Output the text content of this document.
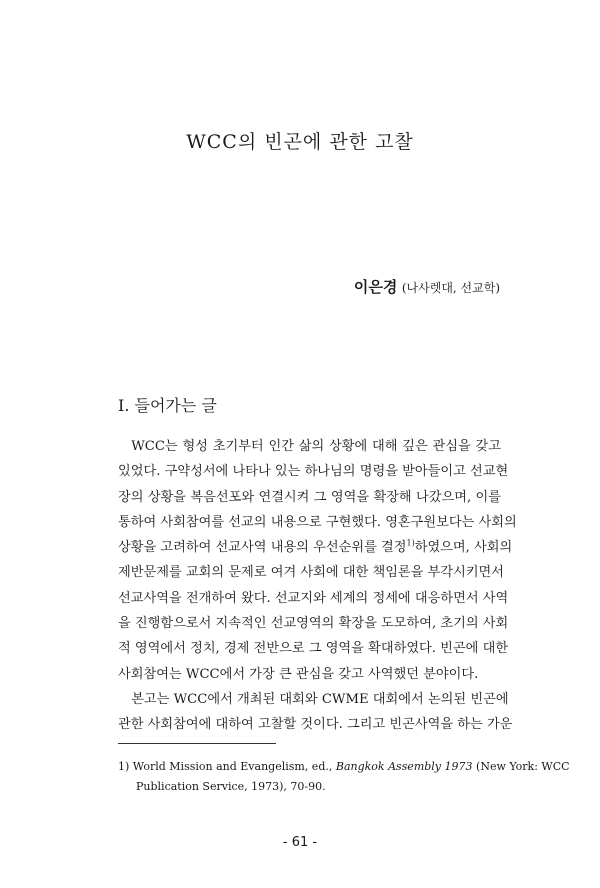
WCC의 빈곤에 관한 고찰
이은경 (나사렛대, 선교학)
Ⅰ. 들어가는 글
WCC는 형성 초기부터 인간 삶의 상황에 대해 깊은 관심을 갖고
있었다. 구약성서에 나타나 있는 하나님의 명령을 받아들이고 선교현
장의 상황을 복음선포와 연결시켜 그 영역을 확장해 나갔으며, 이를
통하여 사회참여를 선교의 내용으로 구현했다. 영혼구원보다는 사회의
상황을 고려하여 선교사역 내용의 우선순위를 결정$^{1)}$하였으며, 사회의
제반문제를 교회의 문제로 여겨 사회에 대한 책임론을 부각시키면서
선교사역을 전개하여 왔다. 선교지와 세계의 정세에 대응하면서 사역
을 진행함으로서 지속적인 선교영역의 확장을 도모하여, 초기의 사회
적 영역에서 정치, 경제 전반으로 그 영역을 확대하였다. 빈곤에 대한
사회참여는 WCC에서 가장 큰 관심을 갖고 사역했던 분야이다.
본고는 WCC에서 개최된 대회와 CWME 대회에서 논의된 빈곤에
관한 사회참여에 대하여 고찰할 것이다. 그리고 빈곤사역을 하는 가운
1) World Mission and Evangelism, ed., Bangkok Assembly 1973 (New York: WCC
Publication Service, 1973), 70-90.
- 61 -
